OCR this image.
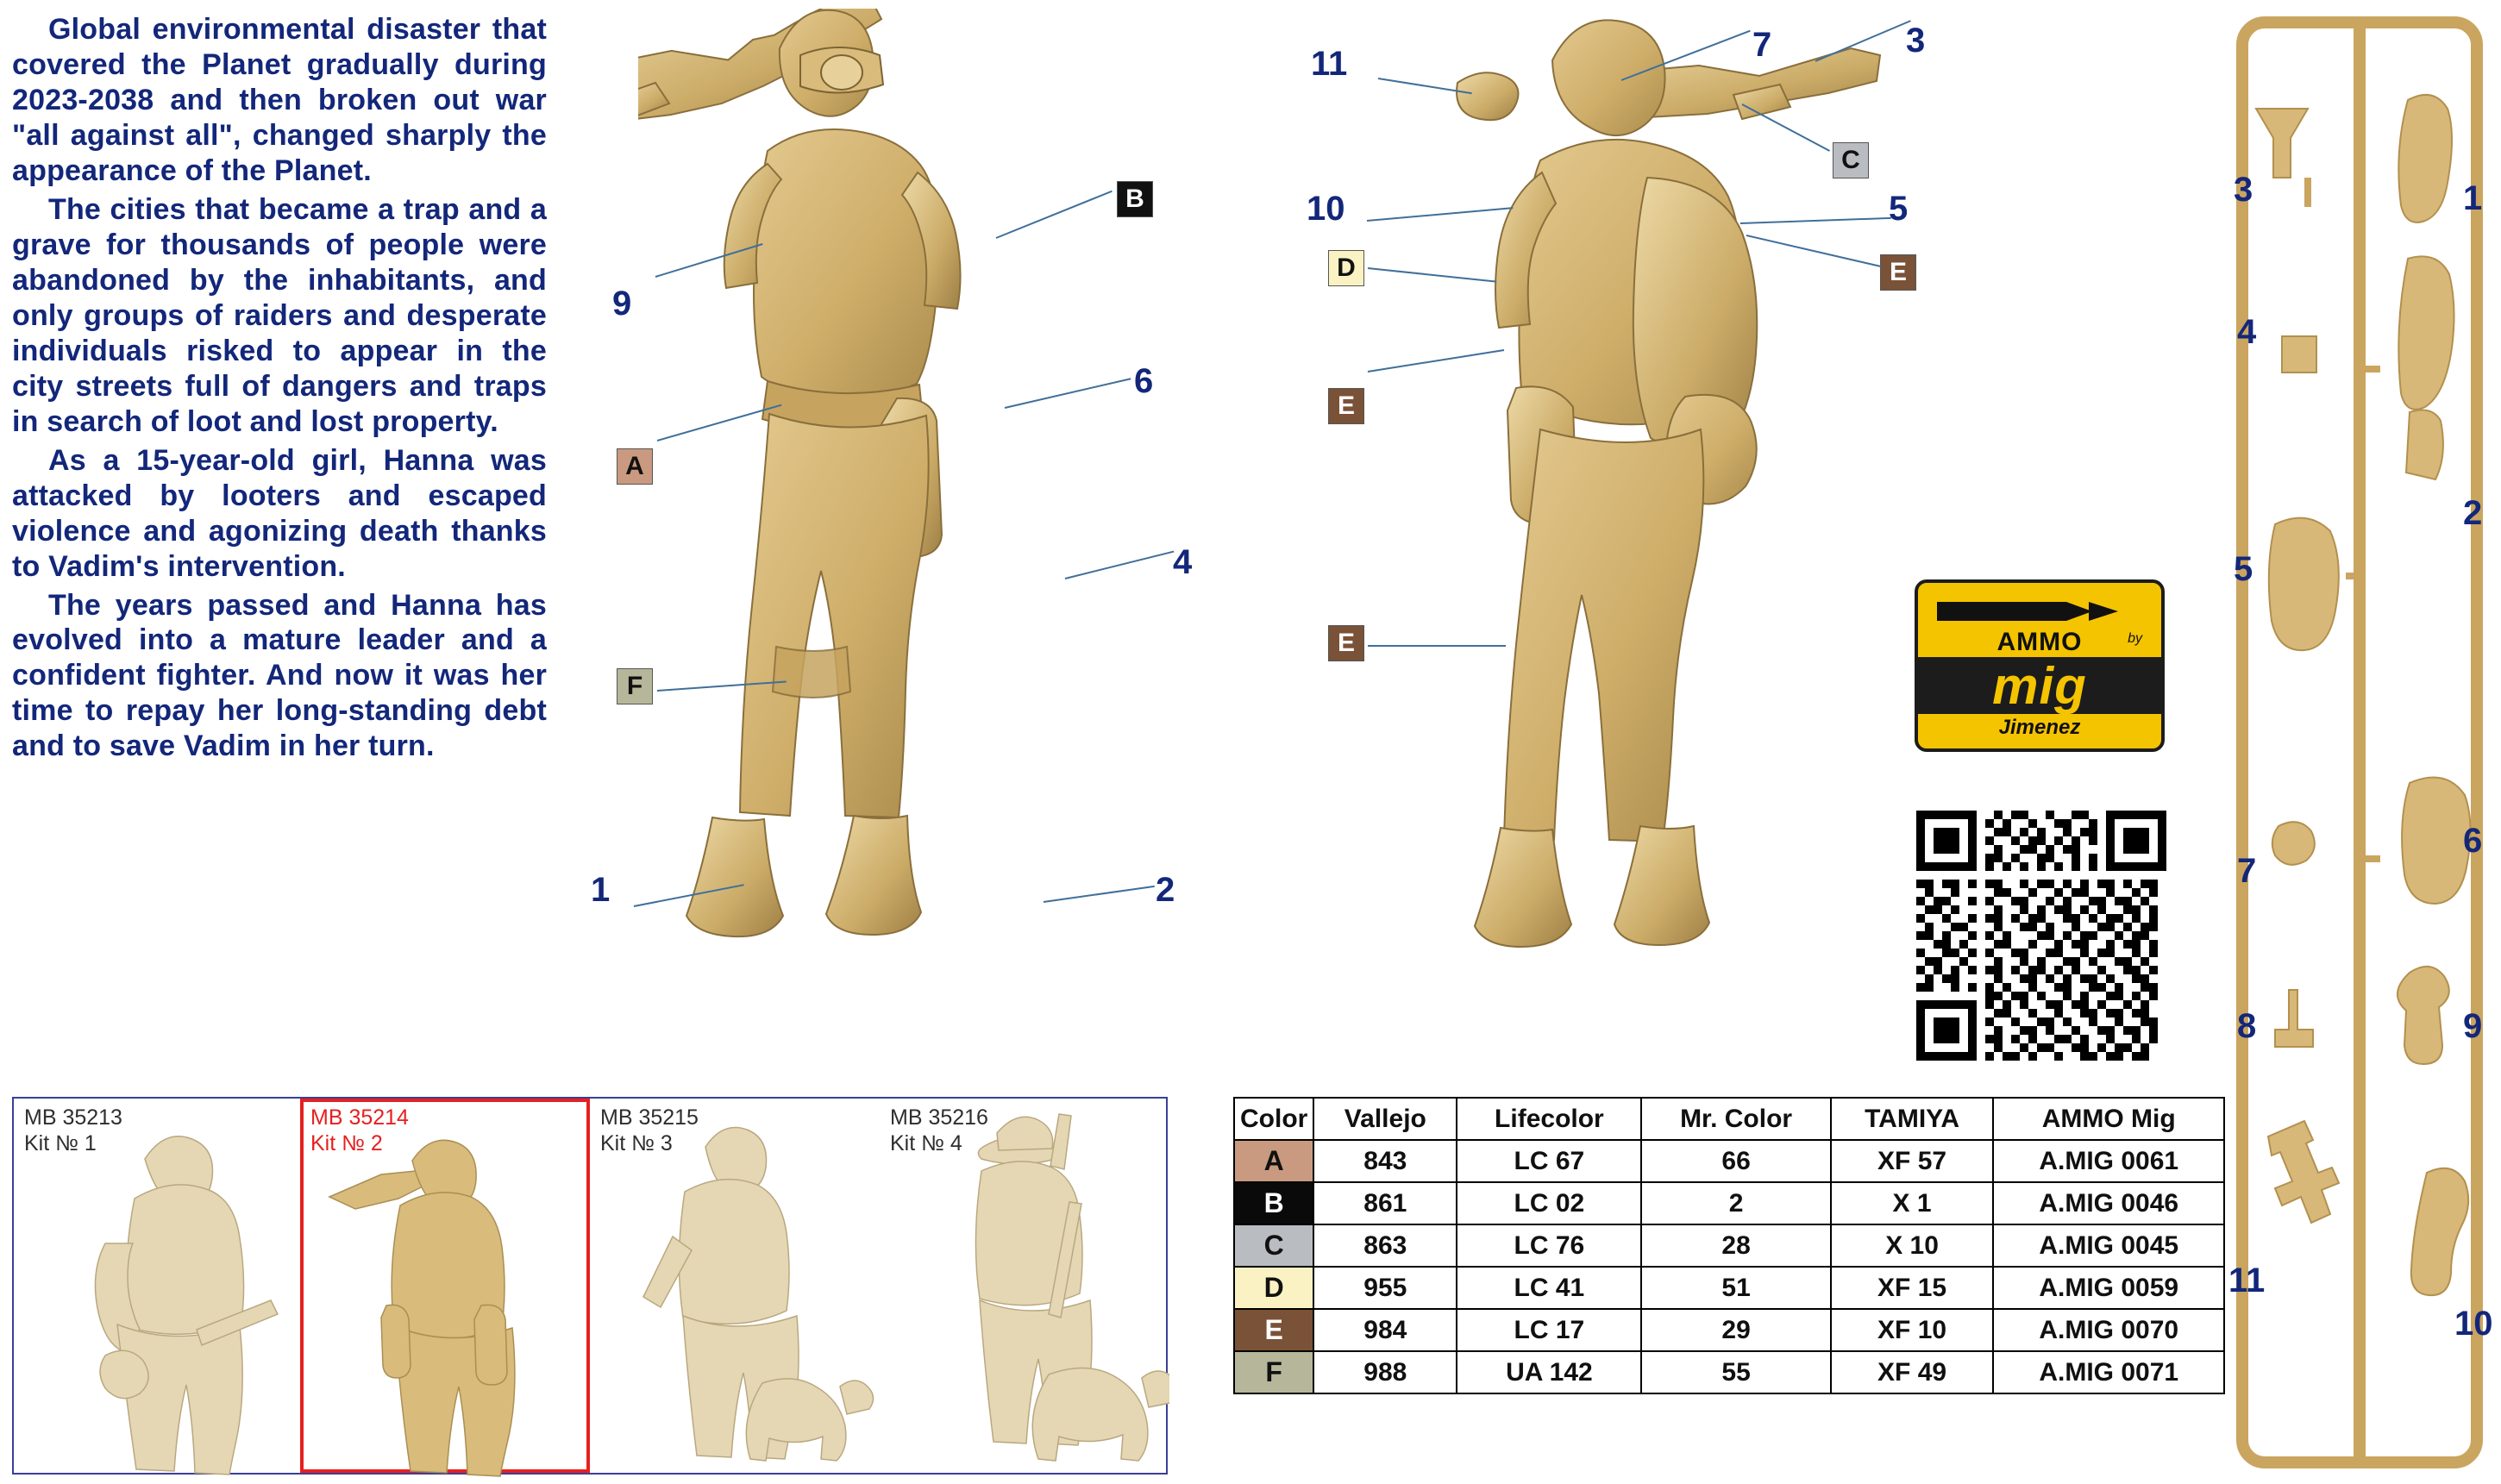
Global environmental disaster that covered the Planet gradually during 2023-2038 and then broken out war "all against all", changed sharply the appearance of the Planet.

The cities that became a trap and a grave for thousands of people were abandoned by the inhabitants, and only groups of raiders and desperate individuals risked to appear in the city streets full of dangers and traps in search of loot and lost property.

As a 15-year-old girl, Hanna was attacked by looters and escaped violence and agonizing death thanks to Vadim's intervention.

The years passed and Hanna has evolved into a mature leader and a confident fighter. And now it was her time to repay her long-standing debt and to save Vadim in her turn.

9
6
4
1	2
B
A
F
11	7	3
10	5
C
D	E
E
E	AMMO	by
mig
Jimenez
MB 35213
Kit № 1
MB 35214
Kit № 2
MB 35215
Kit № 3
MB 35216
Kit № 4
Color	Vallejo	Lifecolor	Mr. Color	TAMIYA	AMMO Mig
A	843	LC 67	66	XF 57	A.MIG 0061
B	861	LC 02	2	X 1	A.MIG 0046
C	863	LC 76	28	X 10	A.MIG 0045
D	955	LC 41	51	XF 15	A.MIG 0059
E	984	LC 17	29	XF 10	A.MIG 0070
F	988	UA 142	55	XF 49	A.MIG 0071
3	1
4
2
5
7
6
8	9
11
10
